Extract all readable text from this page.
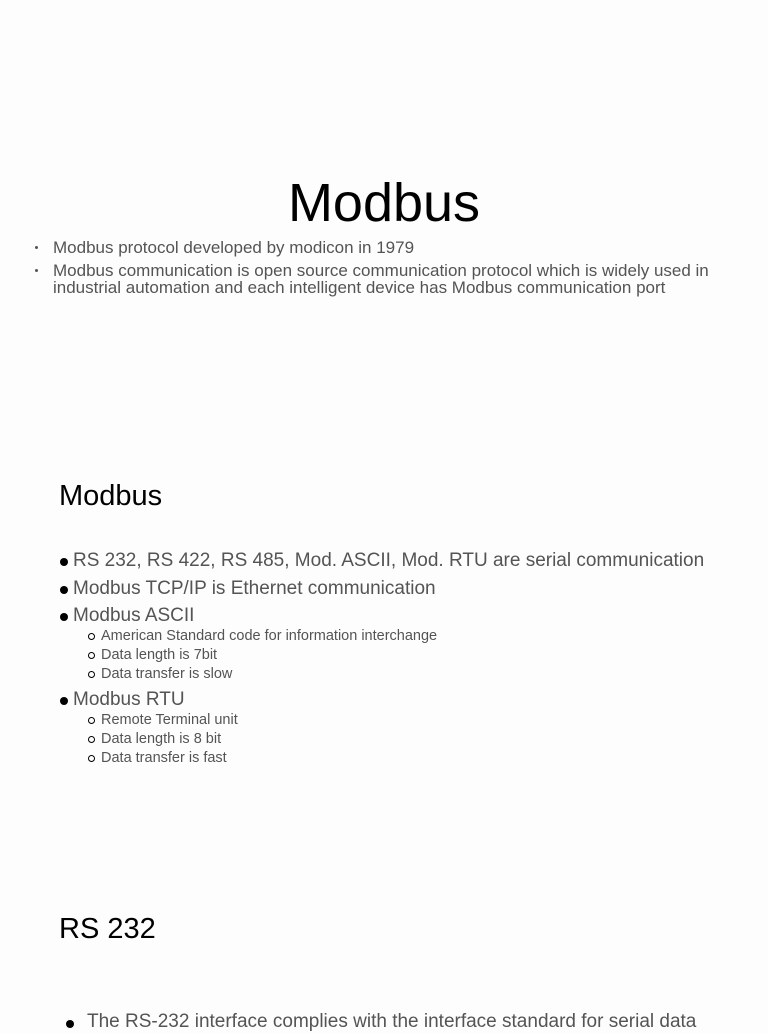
Modbus
Modbus protocol developed by modicon in 1979
Modbus communication is open source communication protocol which is widely used in industrial automation and each intelligent device has Modbus communication port
Modbus
RS 232, RS 422, RS 485, Mod. ASCII, Mod. RTU are serial communication
Modbus TCP/IP is Ethernet communication
Modbus ASCII
American Standard code for information interchange
Data length is 7bit
Data transfer is slow
Modbus RTU
Remote Terminal unit
Data length is 8 bit
Data transfer is fast
RS 232
The RS-232 interface complies with the interface standard for serial data
